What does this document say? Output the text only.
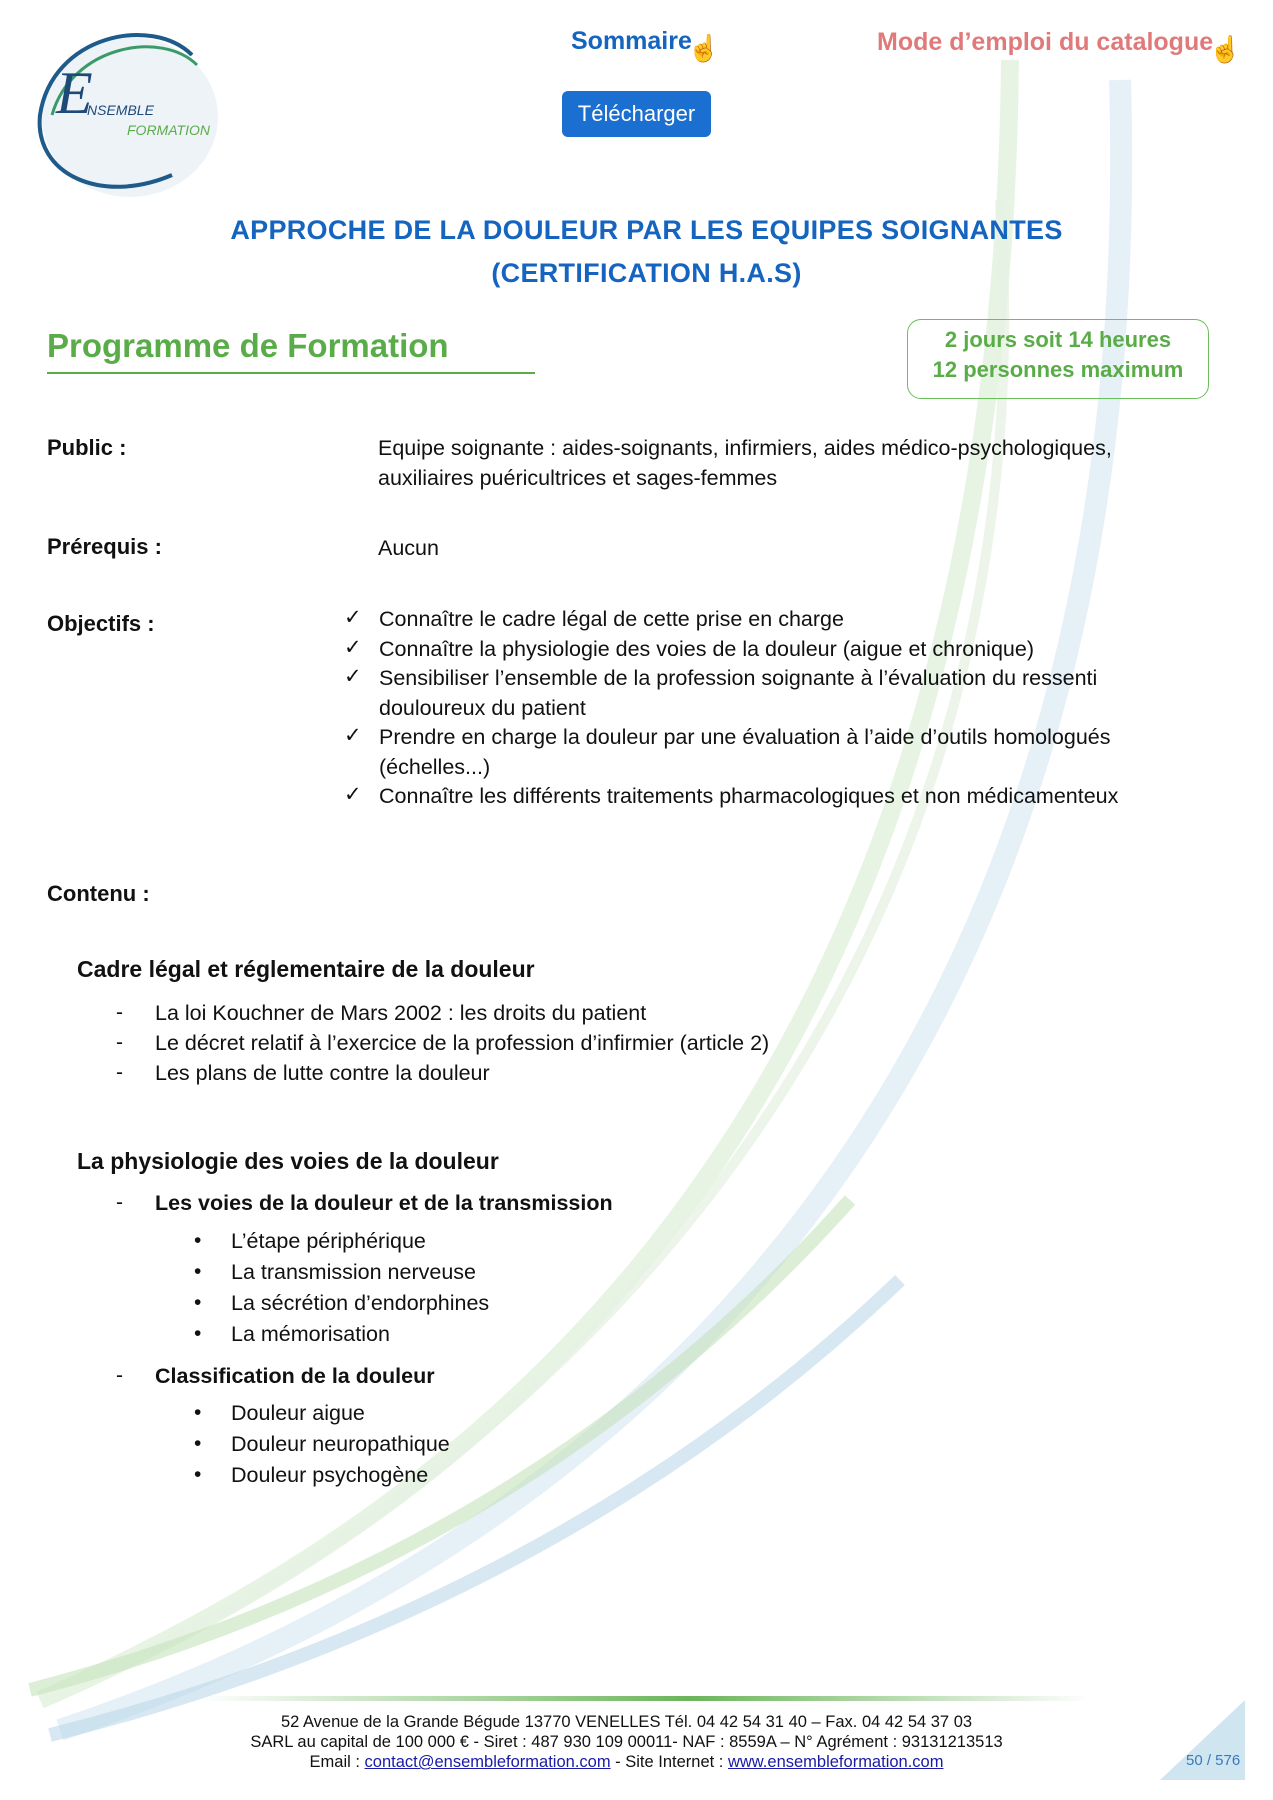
E
NSEMBLE
FORMATION
Sommaire☝	Mode d’emploi du catalogue☝
Télécharger
APPROCHE DE LA DOULEUR PAR LES EQUIPES SOIGNANTES
(CERTIFICATION H.A.S)
Programme de Formation	2 jours soit 14 heures
12 personnes maximum
Public :	Equipe soignante : aides-soignants, infirmiers, aides médico-psychologiques,
auxiliaires puéricultrices et sages-femmes
Prérequis :	Aucun
Objectifs :	✓ Connaître le cadre légal de cette prise en charge
✓ Connaître la physiologie des voies de la douleur (aigue et chronique)
✓ Sensibiliser l’ensemble de la profession soignante à l’évaluation du ressenti
douloureux du patient
✓ Prendre en charge la douleur par une évaluation à l’aide d’outils homologués
(échelles...)
✓ Connaître les différents traitements pharmacologiques et non médicamenteux
Contenu :
Cadre légal et réglementaire de la douleur
- La loi Kouchner de Mars 2002 : les droits du patient
- Le décret relatif à l’exercice de la profession d’infirmier (article 2)
- Les plans de lutte contre la douleur
La physiologie des voies de la douleur
- Les voies de la douleur et de la transmission
• L’étape périphérique
• La transmission nerveuse
• La sécrétion d’endorphines
• La mémorisation
- Classification de la douleur
• Douleur aigue
• Douleur neuropathique
• Douleur psychogène
52 Avenue de la Grande Bégude 13770 VENELLES Tél. 04 42 54 31 40 – Fax. 04 42 54 37 03
SARL au capital de 100 000 € - Siret : 487 930 109 00011- NAF : 8559A – N° Agrément : 93131213513
Email : contact@ensembleformation.com - Site Internet : www.ensembleformation.com	50 / 576
